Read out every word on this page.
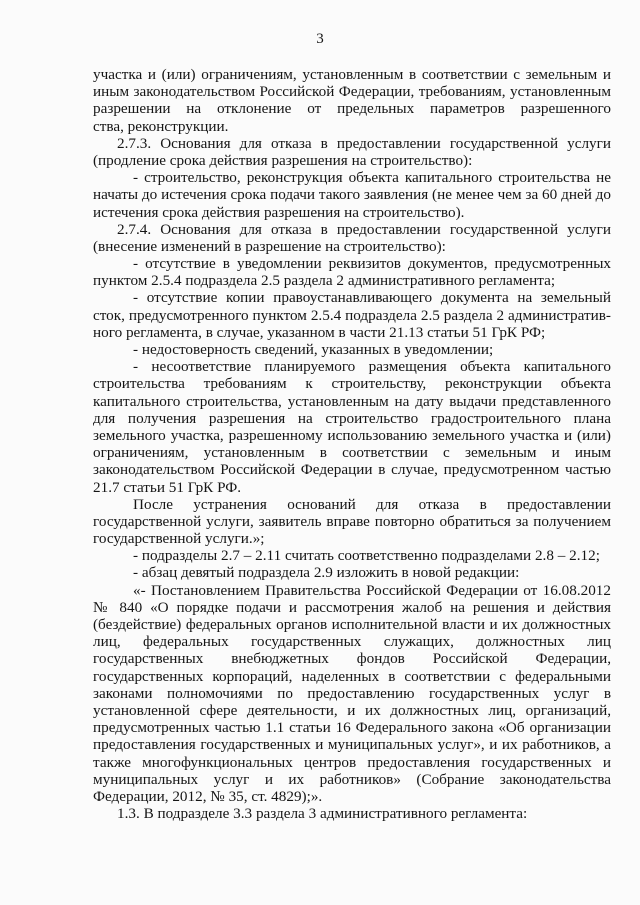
3
участка и (или) ограничениям, установленным в соответствии с земельным и
иным законодательством Российской Федерации, требованиям, установленным
разрешении на отклонение от предельных параметров разрешенного
ства, реконструкции.
2.7.3. Основания для отказа в предоставлении государственной услуги
(продление срока действия разрешения на строительство):
- строительство, реконструкция объекта капитального строительства не
начаты до истечения срока подачи такого заявления (не менее чем за 60 дней до
истечения срока действия разрешения на строительство).
2.7.4. Основания для отказа в предоставлении государственной услуги
(внесение изменений в разрешение на строительство):
- отсутствие в уведомлении реквизитов документов, предусмотренных
пунктом 2.5.4 подраздела 2.5 раздела 2 административного регламента;
- отсутствие копии правоустанавливающего документа на земельный
сток, предусмотренного пунктом 2.5.4 подраздела 2.5 раздела 2 административ-
ного регламента, в случае, указанном в части 21.13 статьи 51 ГрК РФ;
- недостоверность сведений, указанных в уведомлении;
- несоответствие планируемого размещения объекта капитального
строительства требованиям к строительству, реконструкции объекта
капитального строительства, установленным на дату выдачи представленного
для получения разрешения на строительство градостроительного плана
земельного участка, разрешенному использованию земельного участка и (или)
ограничениям, установленным в соответствии с земельным и иным
законодательством Российской Федерации в случае, предусмотренном частью
21.7 статьи 51 ГрК РФ.
После устранения оснований для отказа в предоставлении
государственной услуги, заявитель вправе повторно обратиться за получением
государственной услуги.»;
- подразделы 2.7 – 2.11 считать соответственно подразделами 2.8 – 2.12;
- абзац девятый подраздела 2.9 изложить в новой редакции:
«- Постановлением Правительства Российской Федерации от 16.08.2012
№ 840 «О порядке подачи и рассмотрения жалоб на решения и действия
(бездействие) федеральных органов исполнительной власти и их должностных
лиц, федеральных государственных служащих, должностных лиц
государственных внебюджетных фондов Российской Федерации,
государственных корпораций, наделенных в соответствии с федеральными
законами полномочиями по предоставлению государственных услуг в
установленной сфере деятельности, и их должностных лиц, организаций,
предусмотренных частью 1.1 статьи 16 Федерального закона «Об организации
предоставления государственных и муниципальных услуг», и их работников, а
также многофункциональных центров предоставления государственных и
муниципальных услуг и их работников» (Собрание законодательства
Федерации, 2012, № 35, ст. 4829);».
1.3. В подразделе 3.3 раздела 3 административного регламента:
